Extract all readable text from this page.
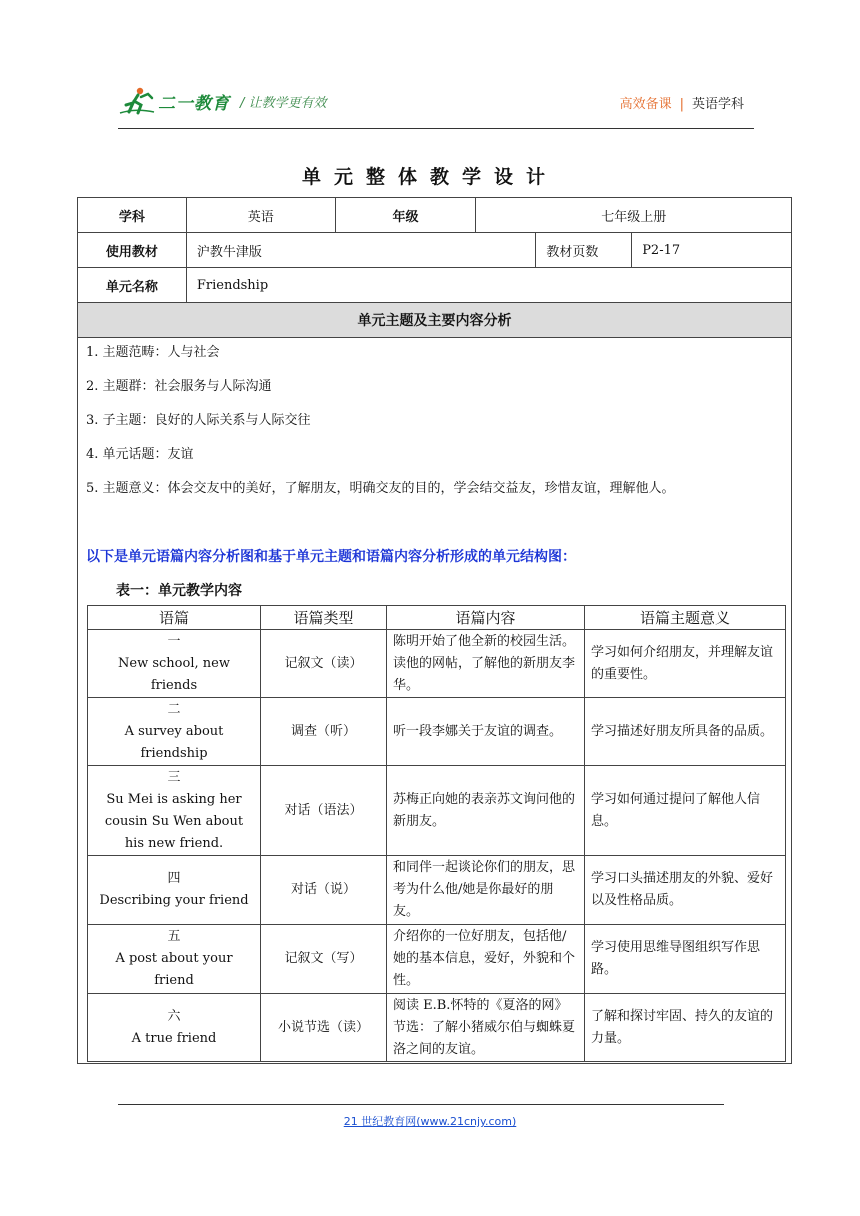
二一教育 / 让教学更有效	高效备课 | 英语学科
单元整体教学设计
学科	英语	年级	七年级上册		
使用教材	沪教牛津版			教材页数	P2-17
单元名称	Friendship				
单元主题及主要内容分析					
1. 主题范畴：人与社会
2. 主题群：社会服务与人际沟通
3. 子主题：良好的人际关系与人际交往
4. 单元话题：友谊
5. 主题意义：体会交友中的美好，了解朋友，明确交友的目的，学会结交益友，珍惜友谊，理解他人。
以下是单元语篇内容分析图和基于单元主题和语篇内容分析形成的单元结构图：
表一：单元教学内容
语篇	语篇类型	语篇内容	语篇主题意义

一
New school, new friends	记叙文（读）	陈明开始了他全新的校园生活。读他的网帖，了解他的新朋友李华。	学习如何介绍朋友，并理解友谊的重要性。

二
A survey about friendship	调查（听）	听一段李娜关于友谊的调查。	学习描述好朋友所具备的品质。

三
Su Mei is asking her cousin Su Wen about his new friend.	对话（语法）	苏梅正向她的表亲苏文询问他的新朋友。	学习如何通过提问了解他人信息。

四
Describing your friend	对话（说）	和同伴一起谈论你们的朋友，思考为什么他/她是你最好的朋友。	学习口头描述朋友的外貌、爱好以及性格品质。

五
A post about your friend	记叙文（写）	介绍你的一位好朋友，包括他/她的基本信息，爱好，外貌和个性。	学习使用思维导图组织写作思路。

六
A true friend	小说节选（读）	阅读 E.B.怀特的《夏洛的网》节选：了解小猪威尔伯与蜘蛛夏洛之间的友谊。	了解和探讨牢固、持久的友谊的力量。
21 世纪教育网(www.21cnjy.com)
